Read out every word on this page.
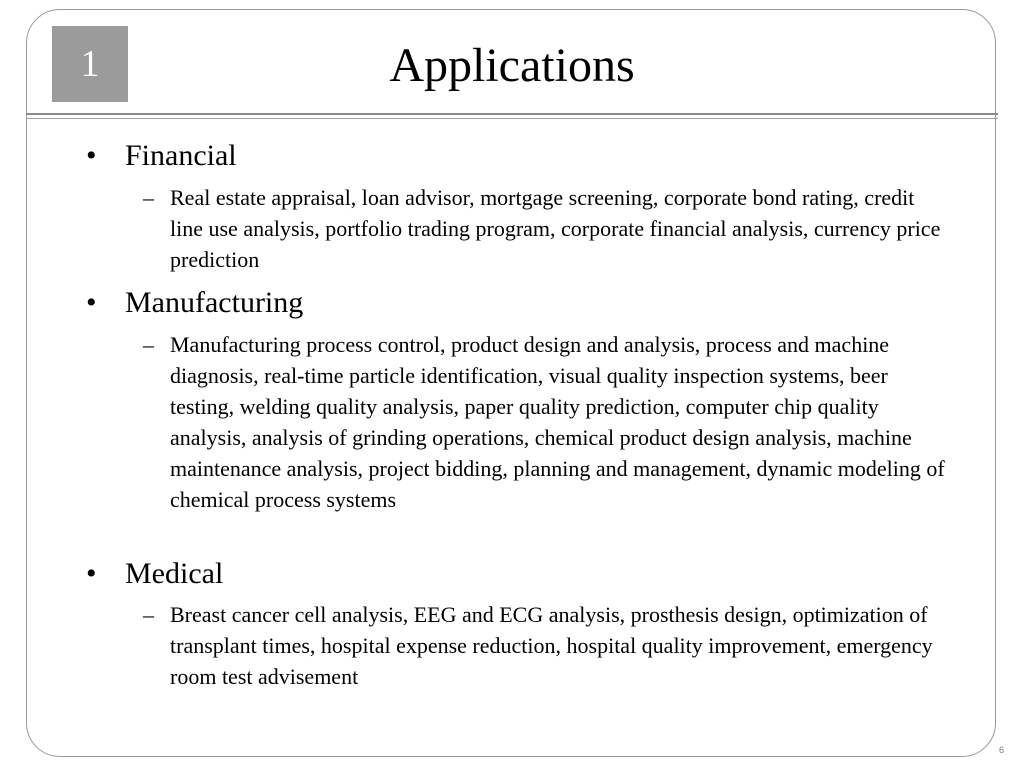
1	Applications
• Financial
– Real estate appraisal, loan advisor, mortgage screening, corporate bond rating, credit line use analysis, portfolio trading program, corporate financial analysis, currency price prediction
• Manufacturing
– Manufacturing process control, product design and analysis, process and machine diagnosis, real-time particle identification, visual quality inspection systems, beer testing, welding quality analysis, paper quality prediction, computer chip quality analysis, analysis of grinding operations, chemical product design analysis, machine maintenance analysis, project bidding, planning and management, dynamic modeling of chemical process systems
• Medical
– Breast cancer cell analysis, EEG and ECG analysis, prosthesis design, optimization of transplant times, hospital expense reduction, hospital quality improvement, emergency room test advisement
6
